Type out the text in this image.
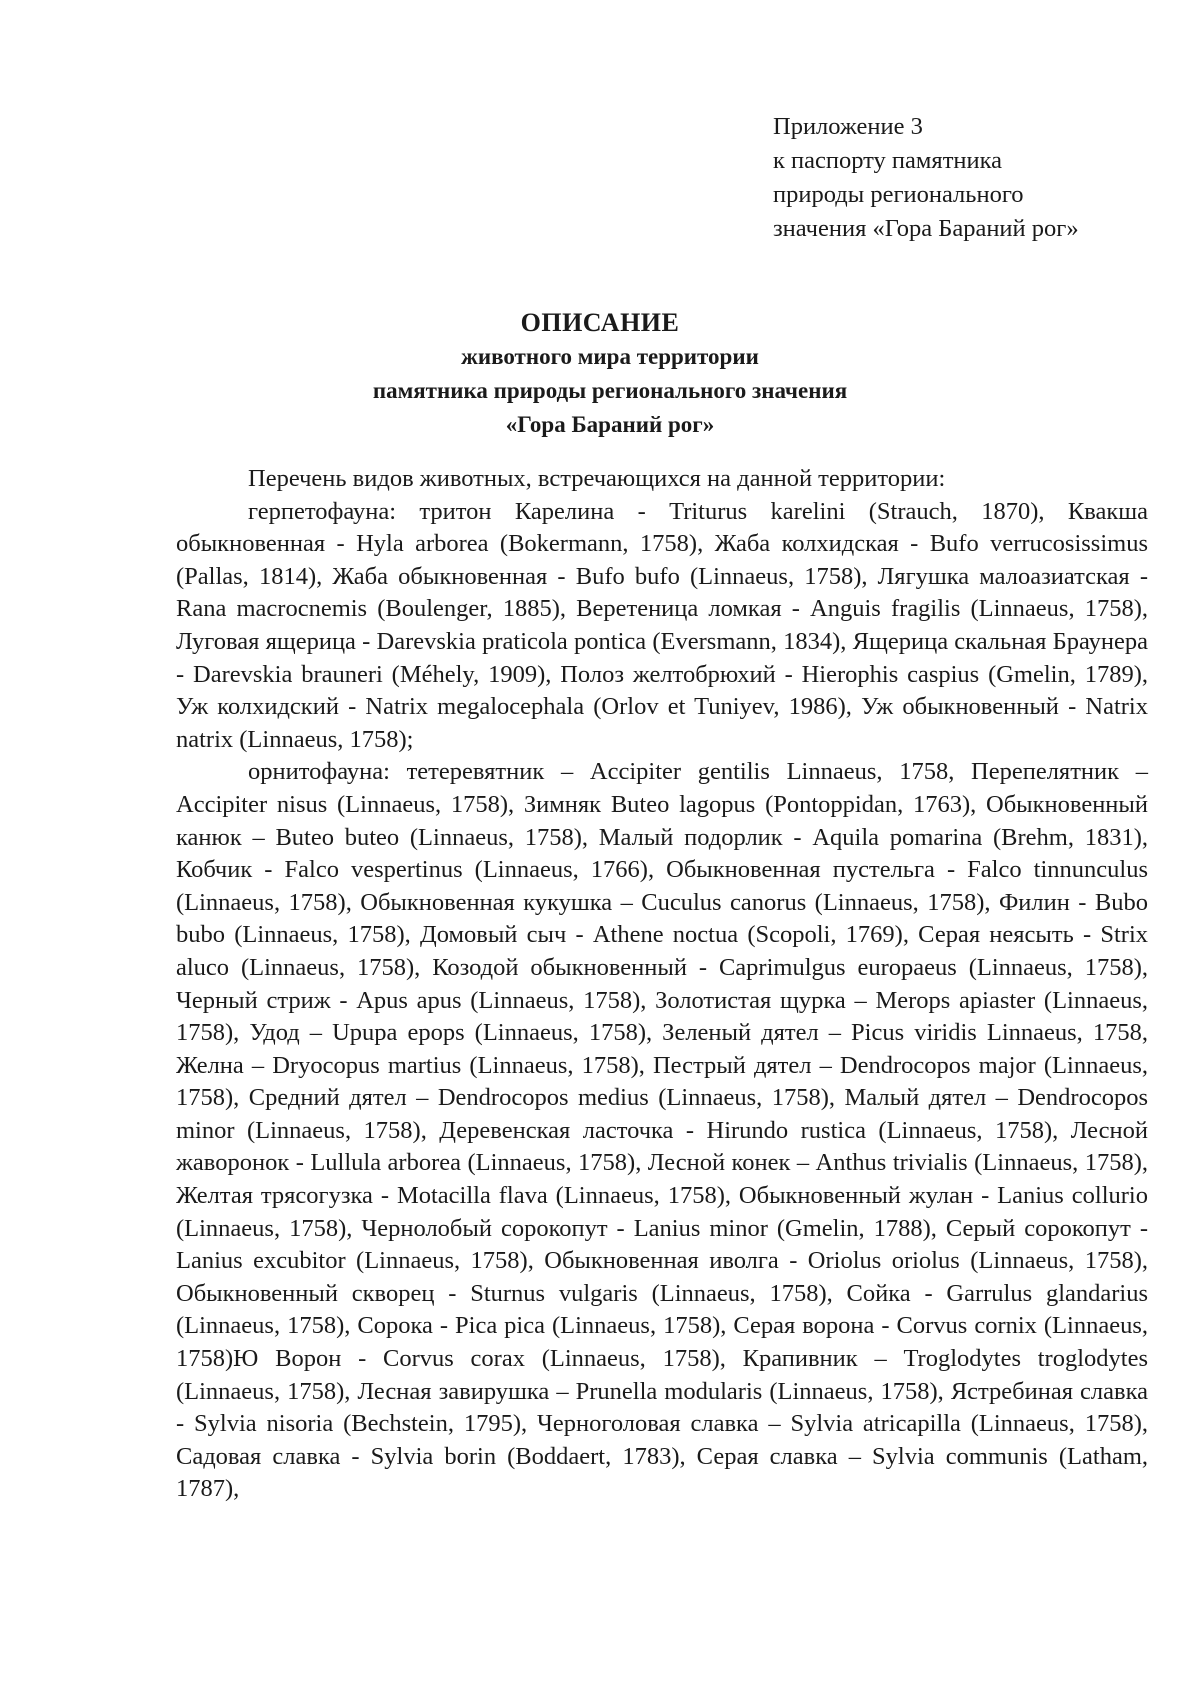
Приложение 3
к паспорту памятника
природы регионального
значения «Гора Бараний рог»
ОПИСАНИЕ
животного мира территории
памятника природы регионального значения
«Гора Бараний рог»

Перечень видов животных, встречающихся на данной территории:

герпетофауна: тритон Карелина - Triturus karelini (Strauch, 1870), Квакша обыкновенная - Hyla arborea (Bokermann, 1758), Жаба колхидская - Bufo verrucosissimus (Pallas, 1814), Жаба обыкновенная - Bufo bufo (Linnaeus, 1758), Лягушка малоазиатская - Rana macrocnemis (Boulenger, 1885), Веретеница ломкая - Anguis fragilis (Linnaeus, 1758), Луговая ящерица - Darevskia praticola pontica (Eversmann, 1834), Ящерица скальная Браунера - Darevskia brauneri (Méhely, 1909), Полоз желтобрюхий - Hierophis caspius (Gmelin, 1789), Уж колхидский - Natrix megalocephala (Orlov et Tuniyev, 1986), Уж обыкновенный - Natrix natrix (Linnaeus, 1758);

орнитофауна: тетеревятник – Accipiter gentilis Linnaeus, 1758, Перепелятник – Accipiter nisus (Linnaeus, 1758), Зимняк Buteo lagopus (Pontoppidan, 1763), Обыкновенный канюк – Buteo buteo (Linnaeus, 1758), Малый подорлик - Aquila pomarina (Brehm, 1831), Кобчик - Falco vespertinus (Linnaeus, 1766), Обыкновенная пустельга - Falco tinnunculus (Linnaeus, 1758), Обыкновенная кукушка – Cuculus canorus (Linnaeus, 1758), Филин - Bubo bubo (Linnaeus, 1758), Домовый сыч - Athene noctua (Scopoli, 1769), Серая неясыть - Strix aluco (Linnaeus, 1758), Козодой обыкновенный - Caprimulgus europaeus (Linnaeus, 1758), Черный стриж - Apus apus (Linnaeus, 1758), Золотистая щурка – Merops apiaster (Linnaeus, 1758), Удод – Upupa epops (Linnaeus, 1758), Зеленый дятел – Picus viridis Linnaeus, 1758, Желна – Dryocopus martius (Linnaeus, 1758), Пестрый дятел – Dendrocopos major (Linnaeus, 1758), Средний дятел – Dendrocopos medius (Linnaeus, 1758), Малый дятел – Dendrocopos minor (Linnaeus, 1758), Деревенская ласточка - Hirundo rustica (Linnaeus, 1758), Лесной жаворонок - Lullula arborea (Linnaeus, 1758), Лесной конек – Anthus trivialis (Linnaeus, 1758), Желтая трясогузка - Motacilla flava (Linnaeus, 1758), Обыкновенный жулан - Lanius collurio (Linnaeus, 1758), Чернолобый сорокопут - Lanius minor (Gmelin, 1788), Серый сорокопут - Lanius excubitor (Linnaeus, 1758), Обыкновенная иволга - Oriolus oriolus (Linnaeus, 1758), Обыкновенный скворец - Sturnus vulgaris (Linnaeus, 1758), Сойка - Garrulus glandarius (Linnaeus, 1758), Сорока - Pica pica (Linnaeus, 1758), Серая ворона - Corvus cornix (Linnaeus, 1758)Ю Ворон - Corvus corax (Linnaeus, 1758), Крапивник – Troglodytes troglodytes (Linnaeus, 1758), Лесная завирушка – Prunella modularis (Linnaeus, 1758), Ястребиная славка - Sylvia nisoria (Bechstein, 1795), Черноголовая славка – Sylvia atricapilla (Linnaeus, 1758), Садовая славка - Sylvia borin (Boddaert, 1783), Серая славка – Sylvia communis (Latham, 1787),
